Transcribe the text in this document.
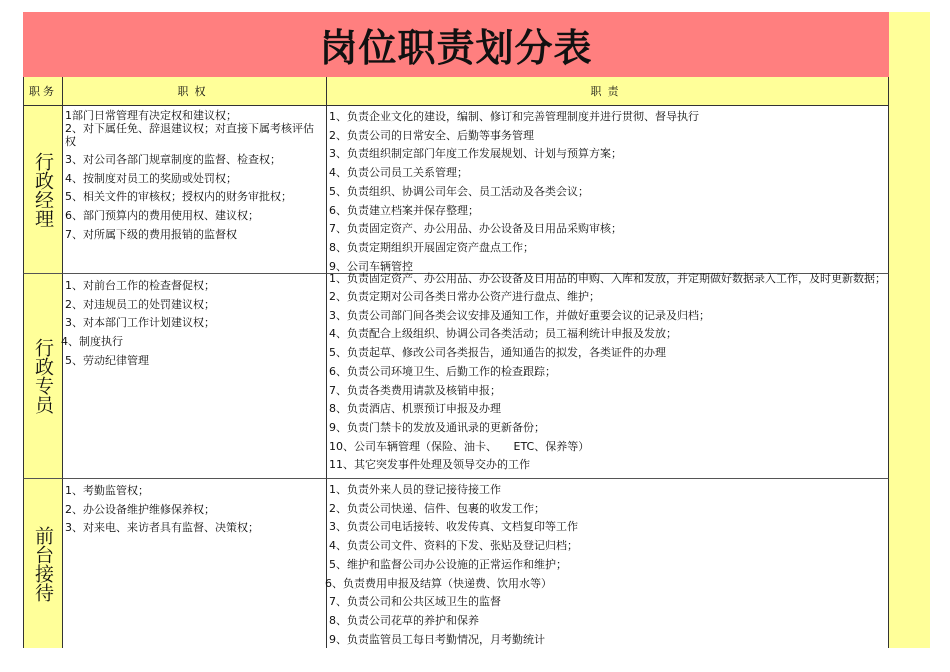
岗位职责划分表
职务	职权	职责
行政经理
1部门日常管理有决定权和建议权；
2、对下属任免、辞退建议权；对直接下属考核评估权
3、对公司各部门规章制度的监督、检查权；
4、按制度对员工的奖励或处罚权；
5、相关文件的审核权；授权内的财务审批权；
6、部门预算内的费用使用权、建议权；
7、对所属下级的费用报销的监督权
1、负责企业文化的建设，编制、修订和完善管理制度并进行贯彻、督导执行
2、负责公司的日常安全、后勤等事务管理
3、负责组织制定部门年度工作发展规划、计划与预算方案；
4、负责公司员工关系管理；
5、负责组织、协调公司年会、员工活动及各类会议；
6、负责建立档案并保存整理；
7、负责固定资产、办公用品、办公设备及日用品采购审核；
8、负责定期组织开展固定资产盘点工作；
9、公司车辆管控
行政专员
1、对前台工作的检查督促权；
2、对违规员工的处罚建议权；
3、对本部门工作计划建议权；
4、制度执行
5、劳动纪律管理
1、负责固定资产、办公用品、办公设备及日用品的申购、入库和发放，并定期做好数据录入工作，及时更新数据；
2、负责定期对公司各类日常办公资产进行盘点、维护；
3、负责公司部门间各类会议安排及通知工作，并做好重要会议的记录及归档；
4、负责配合上级组织、协调公司各类活动；员工福利统计申报及发放；
5、负责起草、修改公司各类报告，通知通告的拟发，各类证件的办理
6、负责公司环境卫生、后勤工作的检查跟踪；
7、负责各类费用请款及核销申报；
8、负责酒店、机票预订申报及办理
9、负责门禁卡的发放及通讯录的更新备份；
10、公司车辆管理（保险、油卡、　　ETC、保养等）
11、其它突发事件处理及领导交办的工作
前台接待
1、考勤监管权；
2、办公设备维护维修保养权；
3、对来电、来访者具有监督、决策权；
1、负责外来人员的登记接待接工作
2、负责公司快递、信件、包裹的收发工作；
3、负责公司电话接转、收发传真、文档复印等工作
4、负责公司文件、资料的下发、张贴及登记归档；
5、维护和监督公司办公设施的正常运作和维护；
6、负责费用申报及结算（快递费、饮用水等）
7、负责公司和公共区域卫生的监督
8、负责公司花草的养护和保养
9、负责监管员工每日考勤情况，月考勤统计
